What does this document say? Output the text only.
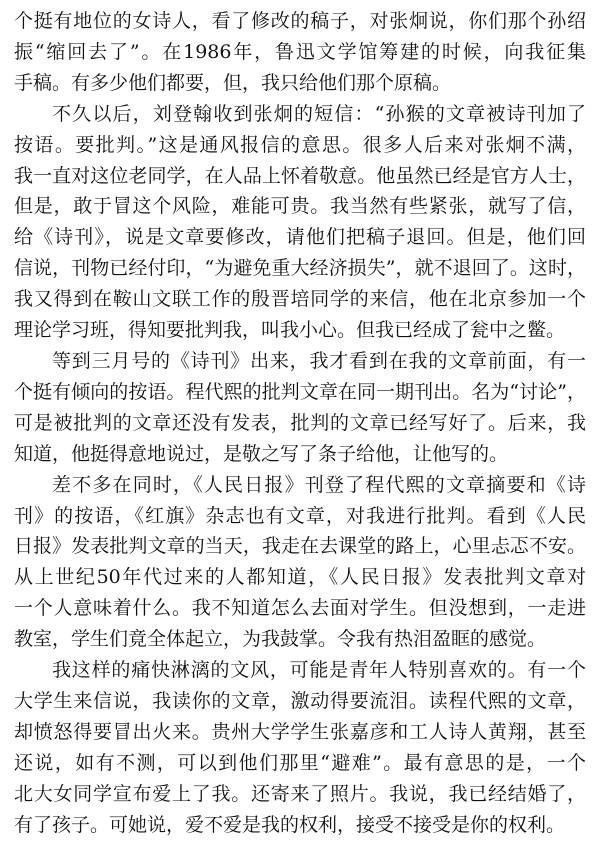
个挺有地位的女诗人，看了修改的稿子，对张炯说，你们那个孙绍
振“缩回去了”。在1986年，鲁迅文学馆筹建的时候，向我征集
手稿。有多少他们都要，但，我只给他们那个原稿。

不久以后，刘登翰收到张炯的短信：“孙猴的文章被诗刊加了
按语。要批判。”这是通风报信的意思。很多人后来对张炯不满，
我一直对这位老同学，在人品上怀着敬意。他虽然已经是官方人士，
但是，敢于冒这个风险，难能可贵。我当然有些紧张，就写了信，
给《诗刊》，说是文章要修改，请他们把稿子退回。但是，他们回
信说，刊物已经付印，“为避免重大经济损失”，就不退回了。这时，
我又得到在鞍山文联工作的殷晋培同学的来信，他在北京参加一个
理论学习班，得知要批判我，叫我小心。但我已经成了瓮中之鳖。

等到三月号的《诗刊》出来，我才看到在我的文章前面，有一
个挺有倾向的按语。程代熙的批判文章在同一期刊出。名为“讨论”，
可是被批判的文章还没有发表，批判的文章已经写好了。后来，我
知道，他挺得意地说过，是敬之写了条子给他，让他写的。

差不多在同时，《人民日报》刊登了程代熙的文章摘要和《诗
刊》的按语，《红旗》杂志也有文章，对我进行批判。看到《人民
日报》发表批判文章的当天，我走在去课堂的路上，心里忐忑不安。
从上世纪50年代过来的人都知道，《人民日报》发表批判文章对
一个人意味着什么。我不知道怎么去面对学生。但没想到，一走进
教室，学生们竟全体起立，为我鼓掌。令我有热泪盈眶的感觉。

我这样的痛快淋漓的文风，可能是青年人特别喜欢的。有一个
大学生来信说，我读你的文章，激动得要流泪。读程代熙的文章，
却愤怒得要冒出火来。贵州大学学生张嘉彦和工人诗人黄翔，甚至
还说，如有不测，可以到他们那里“避难”。最有意思的是，一个
北大女同学宣布爱上了我。还寄来了照片。我说，我已经结婚了，
有了孩子。可她说，爱不爱是我的权利，接受不接受是你的权利。
